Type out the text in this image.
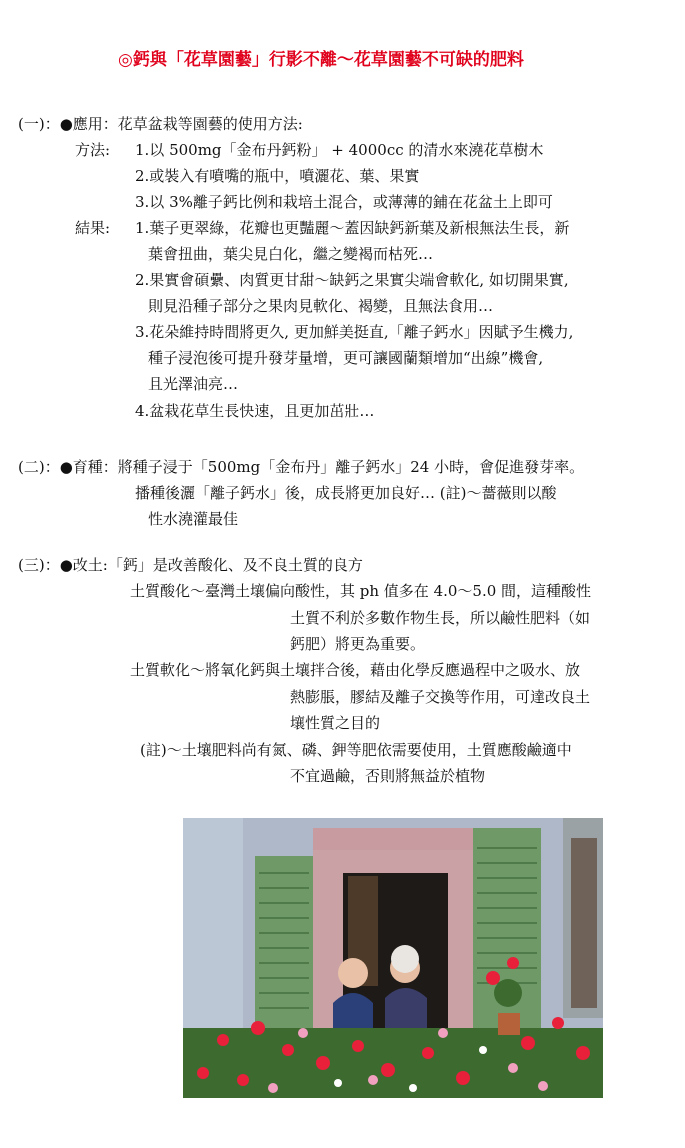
◎鈣與「花草園藝」行影不離～花草園藝不可缺的肥料
(一)：●應用：花草盆栽等園藝的使用方法:
方法: 1.以 500mg「金布丹鈣粉」 + 4000cc 的清水來澆花草樹木
2.或裝入有噴嘴的瓶中，噴灑花、葉、果實
3.以 3%離子鈣比例和栽培土混合，或薄薄的鋪在花盆土上即可
結果: 1.葉子更翠綠，花瓣也更豔麗～蓋因缺鈣新葉及新根無法生長，新
葉會扭曲，葉尖見白化，繼之變褐而枯死…
2.果實會碩纍、肉質更甘甜～缺鈣之果實尖端會軟化, 如切開果實,
則見沿種子部分之果肉見軟化、褐變，且無法食用…
3.花朵維持時間將更久, 更加鮮美挺直,「離子鈣水」因賦予生機力,
種子浸泡後可提升發芽量增，更可讓國蘭類增加“出線”機會,
且光澤油亮…
4.盆栽花草生長快速，且更加茁壯…
(二)：●育種：將種子浸于「500mg「金布丹」離子鈣水」24 小時，會促進發芽率。
播種後灑「離子鈣水」後，成長將更加良好… (註)～薔薇則以酸
性水澆灌最佳
(三)：●改土:「鈣」是改善酸化、及不良土質的良方
土質酸化～臺灣土壤偏向酸性，其 ph 值多在 4.0～5.0 間，這種酸性
土質不利於多數作物生長，所以鹼性肥料（如
鈣肥）將更為重要。
土質軟化～將氧化鈣與土壤拌合後，藉由化學反應過程中之吸水、放
熱膨脹，膠結及離子交換等作用，可達改良土
壤性質之目的
(註)～土壤肥料尚有氮、磷、鉀等肥依需要使用，土質應酸鹼適中
不宜過鹼，否則將無益於植物
